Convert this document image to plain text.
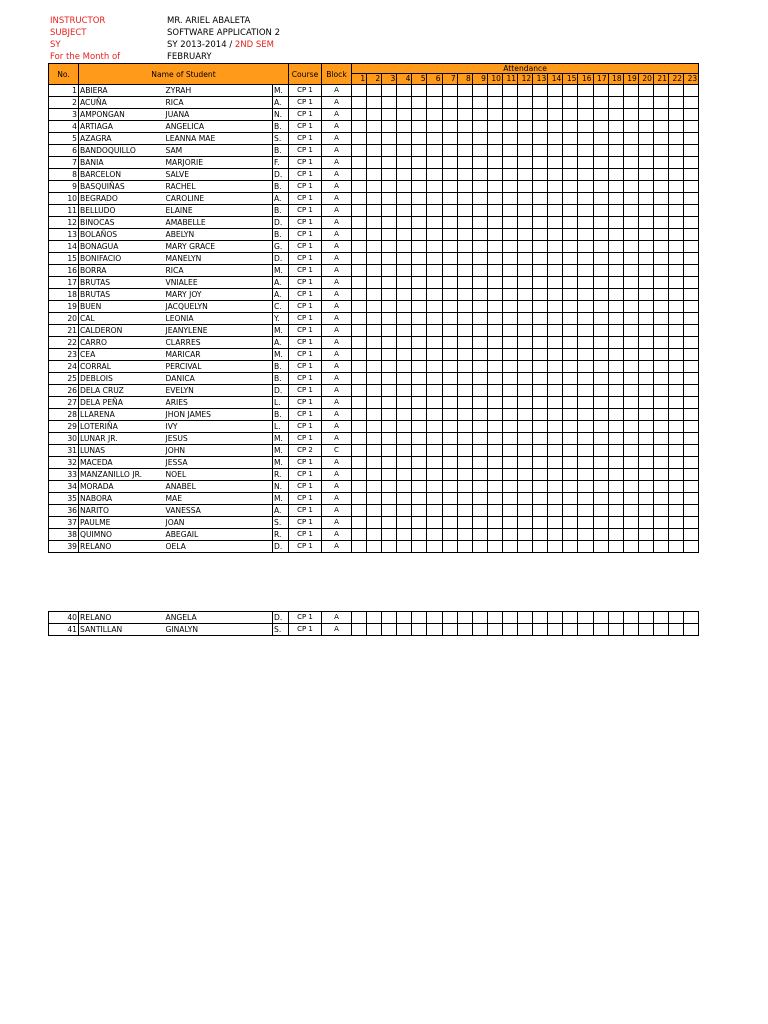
INSTRUCTOR	MR. ARIEL ABALETA
SUBJECT	SOFTWARE APPLICATION 2
SY	SY 2013-2014 / 2ND SEM
For the Month of	FEBRUARY
No.	Name of Student			Course	Block	Attendance																						
						1	2	3	4	5	6	7	8	9	10	11	12	13	14	15	16	17	18	19	20	21	22	23
1	ABIERA	ZYRAH	M.	CP 1	A																							
2	ACUÑA	RICA	A.	CP 1	A																							
3	AMPONGAN	JUANA	N.	CP 1	A																							
4	ARTIAGA	ANGELICA	B.	CP 1	A																							
5	AZAGRA	LEANNA MAE	S.	CP 1	A																							
6	BANDOQUILLO	SAM	B.	CP 1	A																							
7	BANIA	MARJORIE	F.	CP 1	A																							
8	BARCELON	SALVE	D.	CP 1	A																							
9	BASQUIÑAS	RACHEL	B.	CP 1	A																							
10	BEGRADO	CAROLINE	A.	CP 1	A																							
11	BELLUDO	ELAINE	B.	CP 1	A																							
12	BINOCAS	AMABELLE	D.	CP 1	A																							
13	BOLAÑOS	ABELYN	B.	CP 1	A																							
14	BONAGUA	MARY GRACE	G.	CP 1	A																							
15	BONIFACIO	MANELYN	D.	CP 1	A																							
16	BORRA	RICA	M.	CP 1	A																							
17	BRUTAS	VNIALEE	A.	CP 1	A																							
18	BRUTAS	MARY JOY	A.	CP 1	A																							
19	BUEN	JACQUELYN	C.	CP 1	A																							
20	CAL	LEONIA	Y.	CP 1	A																							
21	CALDERON	JEANYLENE	M.	CP 1	A																							
22	CARRO	CLARRES	A.	CP 1	A																							
23	CEA	MARICAR	M.	CP 1	A																							
24	CORRAL	PERCIVAL	B.	CP 1	A																							
25	DEBLOIS	DANICA	B.	CP 1	A																							
26	DELA CRUZ	EVELYN	D.	CP 1	A																							
27	DELA PEÑA	ARIES	L.	CP 1	A																							
28	LLARENA	JHON JAMES	B.	CP 1	A																							
29	LOTERIÑA	IVY	L.	CP 1	A																							
30	LUNAR JR.	JESUS	M.	CP 1	A																							
31	LUNAS	JOHN	M.	CP 2	C																							
32	MACEDA	JESSA	M.	CP 1	A																							
33	MANZANILLO JR.	NOEL	R.	CP 1	A																							
34	MORADA	ANABEL	N.	CP 1	A																							
35	NABORA	MAE	M.	CP 1	A																							
36	NARITO	VANESSA	A.	CP 1	A																							
37	PAULME	JOAN	S.	CP 1	A																							
38	QUIMNO	ABEGAIL	R.	CP 1	A																							
39	RELANO	OELA	D.	CP 1	A																							
40	RELANO	ANGELA	D.	CP 1	A																							
41	SANTILLAN	GINALYN	S.	CP 1	A																							
